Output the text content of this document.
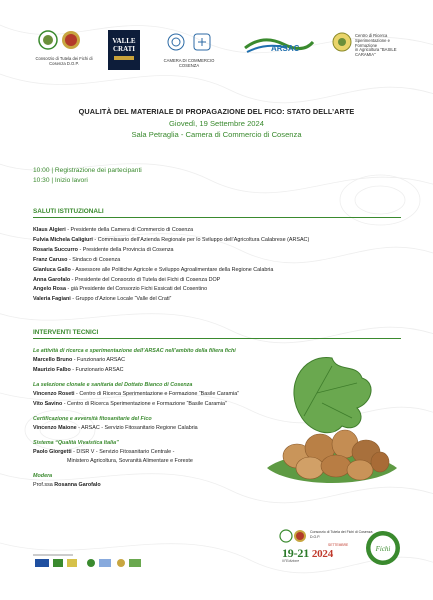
Consorzio di Tutela dei Fichi di Cosenza D.O.P.
VALLE
CRATI
CAMERA DI COMMERCIO
COSENZA
ARSAC
Centro di Ricerca
Sperimentazione e Formazione
in Agricoltura "BASILE CARAMIA"
QUALITÀ DEL MATERIALE DI PROPAGAZIONE DEL FICO: STATO DELL’ARTE
Giovedì, 19 Settembre 2024
Sala Petraglia - Camera di Commercio di Cosenza
10:00 | Registrazione dei partecipanti
10:30 | Inizio lavori
SALUTI ISTITUZIONALI
Klaus Algieri - Presidente della Camera di Commercio di Cosenza
Fulvia Michela Caligiuri - Commissario dell’Azienda Regionale per lo Sviluppo dell’Agricoltura Calabrese (ARSAC)
Rosaria Succurro - Presidente della Provincia di Cosenza
Franz Caruso - Sindaco di Cosenza
Gianluca Gallo - Assessore alle Politiche Agricole e Sviluppo Agroalimentare della Regione Calabria
Anna Garofalo - Presidente del Consorzio di Tutela dei Fichi di Cosenza DOP
Angelo Rosa - già Presidente del Consorzio Fichi Essicati del Cosentino
Valeria Fagiani - Gruppo d’Azione Locale “Valle del Crati”
INTERVENTI TECNICI
Le attività di ricerca e sperimentazione dell’ARSAC nell’ambito della filiera fichi
Marcello Bruno - Funzionario ARSAC
Maurizio Falbo - Funzionario ARSAC
La selezione clonale e sanitaria del Dottato Bianco di Cosenza
Vincenzo Roseti - Centro di Ricerca Sperimentazione e Formazione “Basile Caramia”
Vito Savino - Centro di Ricerca Sperimentazione e Formazione “Basile Caramia”
Certificazione e avversità fitosanitarie del Fico
Vincenzo Maione - ARSAC - Servizio Fitosanitario Regione Calabria
Sistema “Qualità Vivaistica Italia”
Paolo Giorgetti - DISR V - Servizio Fitosanitario Centrale -
Ministero Agricoltura, Sovranità Alimentare e Foreste
Modera
Prof.ssa Rosanna Garofalo
Fichi
Consorzio di Tutela dei Fichi di Cosenza D.O.P.
19-21 2024
SETTEMBRE
III°Edizione
